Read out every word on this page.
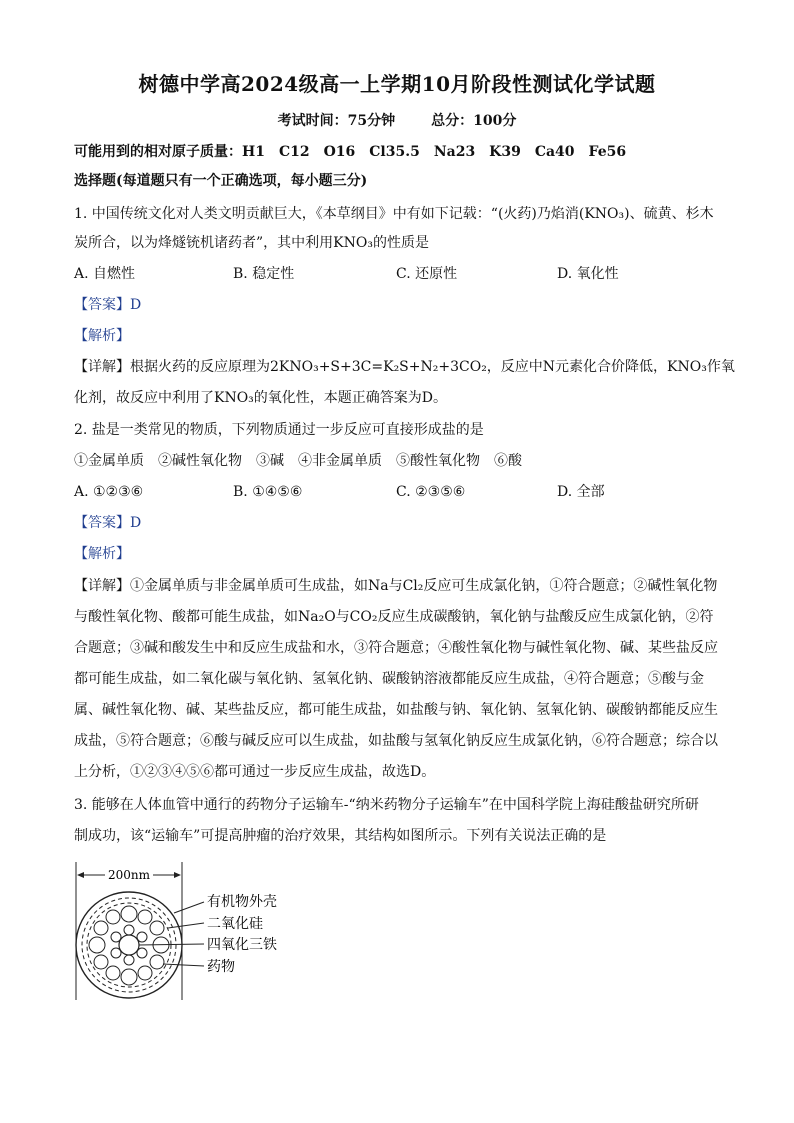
树德中学高2024级高一上学期10月阶段性测试化学试题
考试时间：75分钟	总分：100分
可能用到的相对原子质量：H1　C12　O16　Cl35.5　Na23　K39　Ca40　Fe56
选择题(每道题只有一个正确选项，每小题三分)
1. 中国传统文化对人类文明贡献巨大，《本草纲目》中有如下记载：“(火药)乃焰消(KNO₃)、硫黄、杉木
炭所合，以为烽燧铳机诸药者”，其中利用KNO₃的性质是
A. 自燃性	B. 稳定性	C. 还原性	D. 氧化性
【答案】D
【解析】
【详解】根据火药的反应原理为2KNO₃+S+3C=K₂S+N₂+3CO₂，反应中N元素化合价降低，KNO₃作氧
化剂，故反应中利用了KNO₃的氧化性，本题正确答案为D。
2. 盐是一类常见的物质，下列物质通过一步反应可直接形成盐的是
①金属单质　②碱性氧化物　③碱　④非金属单质　⑤酸性氧化物　⑥酸
A. ①②③⑥	B. ①④⑤⑥	C. ②③⑤⑥	D. 全部
【答案】D
【解析】
【详解】①金属单质与非金属单质可生成盐，如Na与Cl₂反应可生成氯化钠，①符合题意；②碱性氧化物
与酸性氧化物、酸都可能生成盐，如Na₂O与CO₂反应生成碳酸钠，氧化钠与盐酸反应生成氯化钠，②符
合题意；③碱和酸发生中和反应生成盐和水，③符合题意；④酸性氧化物与碱性氧化物、碱、某些盐反应
都可能生成盐，如二氧化碳与氧化钠、氢氧化钠、碳酸钠溶液都能反应生成盐，④符合题意；⑤酸与金
属、碱性氧化物、碱、某些盐反应，都可能生成盐，如盐酸与钠、氧化钠、氢氧化钠、碳酸钠都能反应生
成盐，⑤符合题意；⑥酸与碱反应可以生成盐，如盐酸与氢氧化钠反应生成氯化钠，⑥符合题意；综合以
上分析，①②③④⑤⑥都可通过一步反应生成盐，故选D。
3. 能够在人体血管中通行的药物分子运输车-“纳米药物分子运输车”在中国科学院上海硅酸盐研究所研
制成功，该“运输车”可提高肿瘤的治疗效果，其结构如图所示。下列有关说法正确的是
200nm
有机物外壳
二氧化硅
四氧化三铁
药物
